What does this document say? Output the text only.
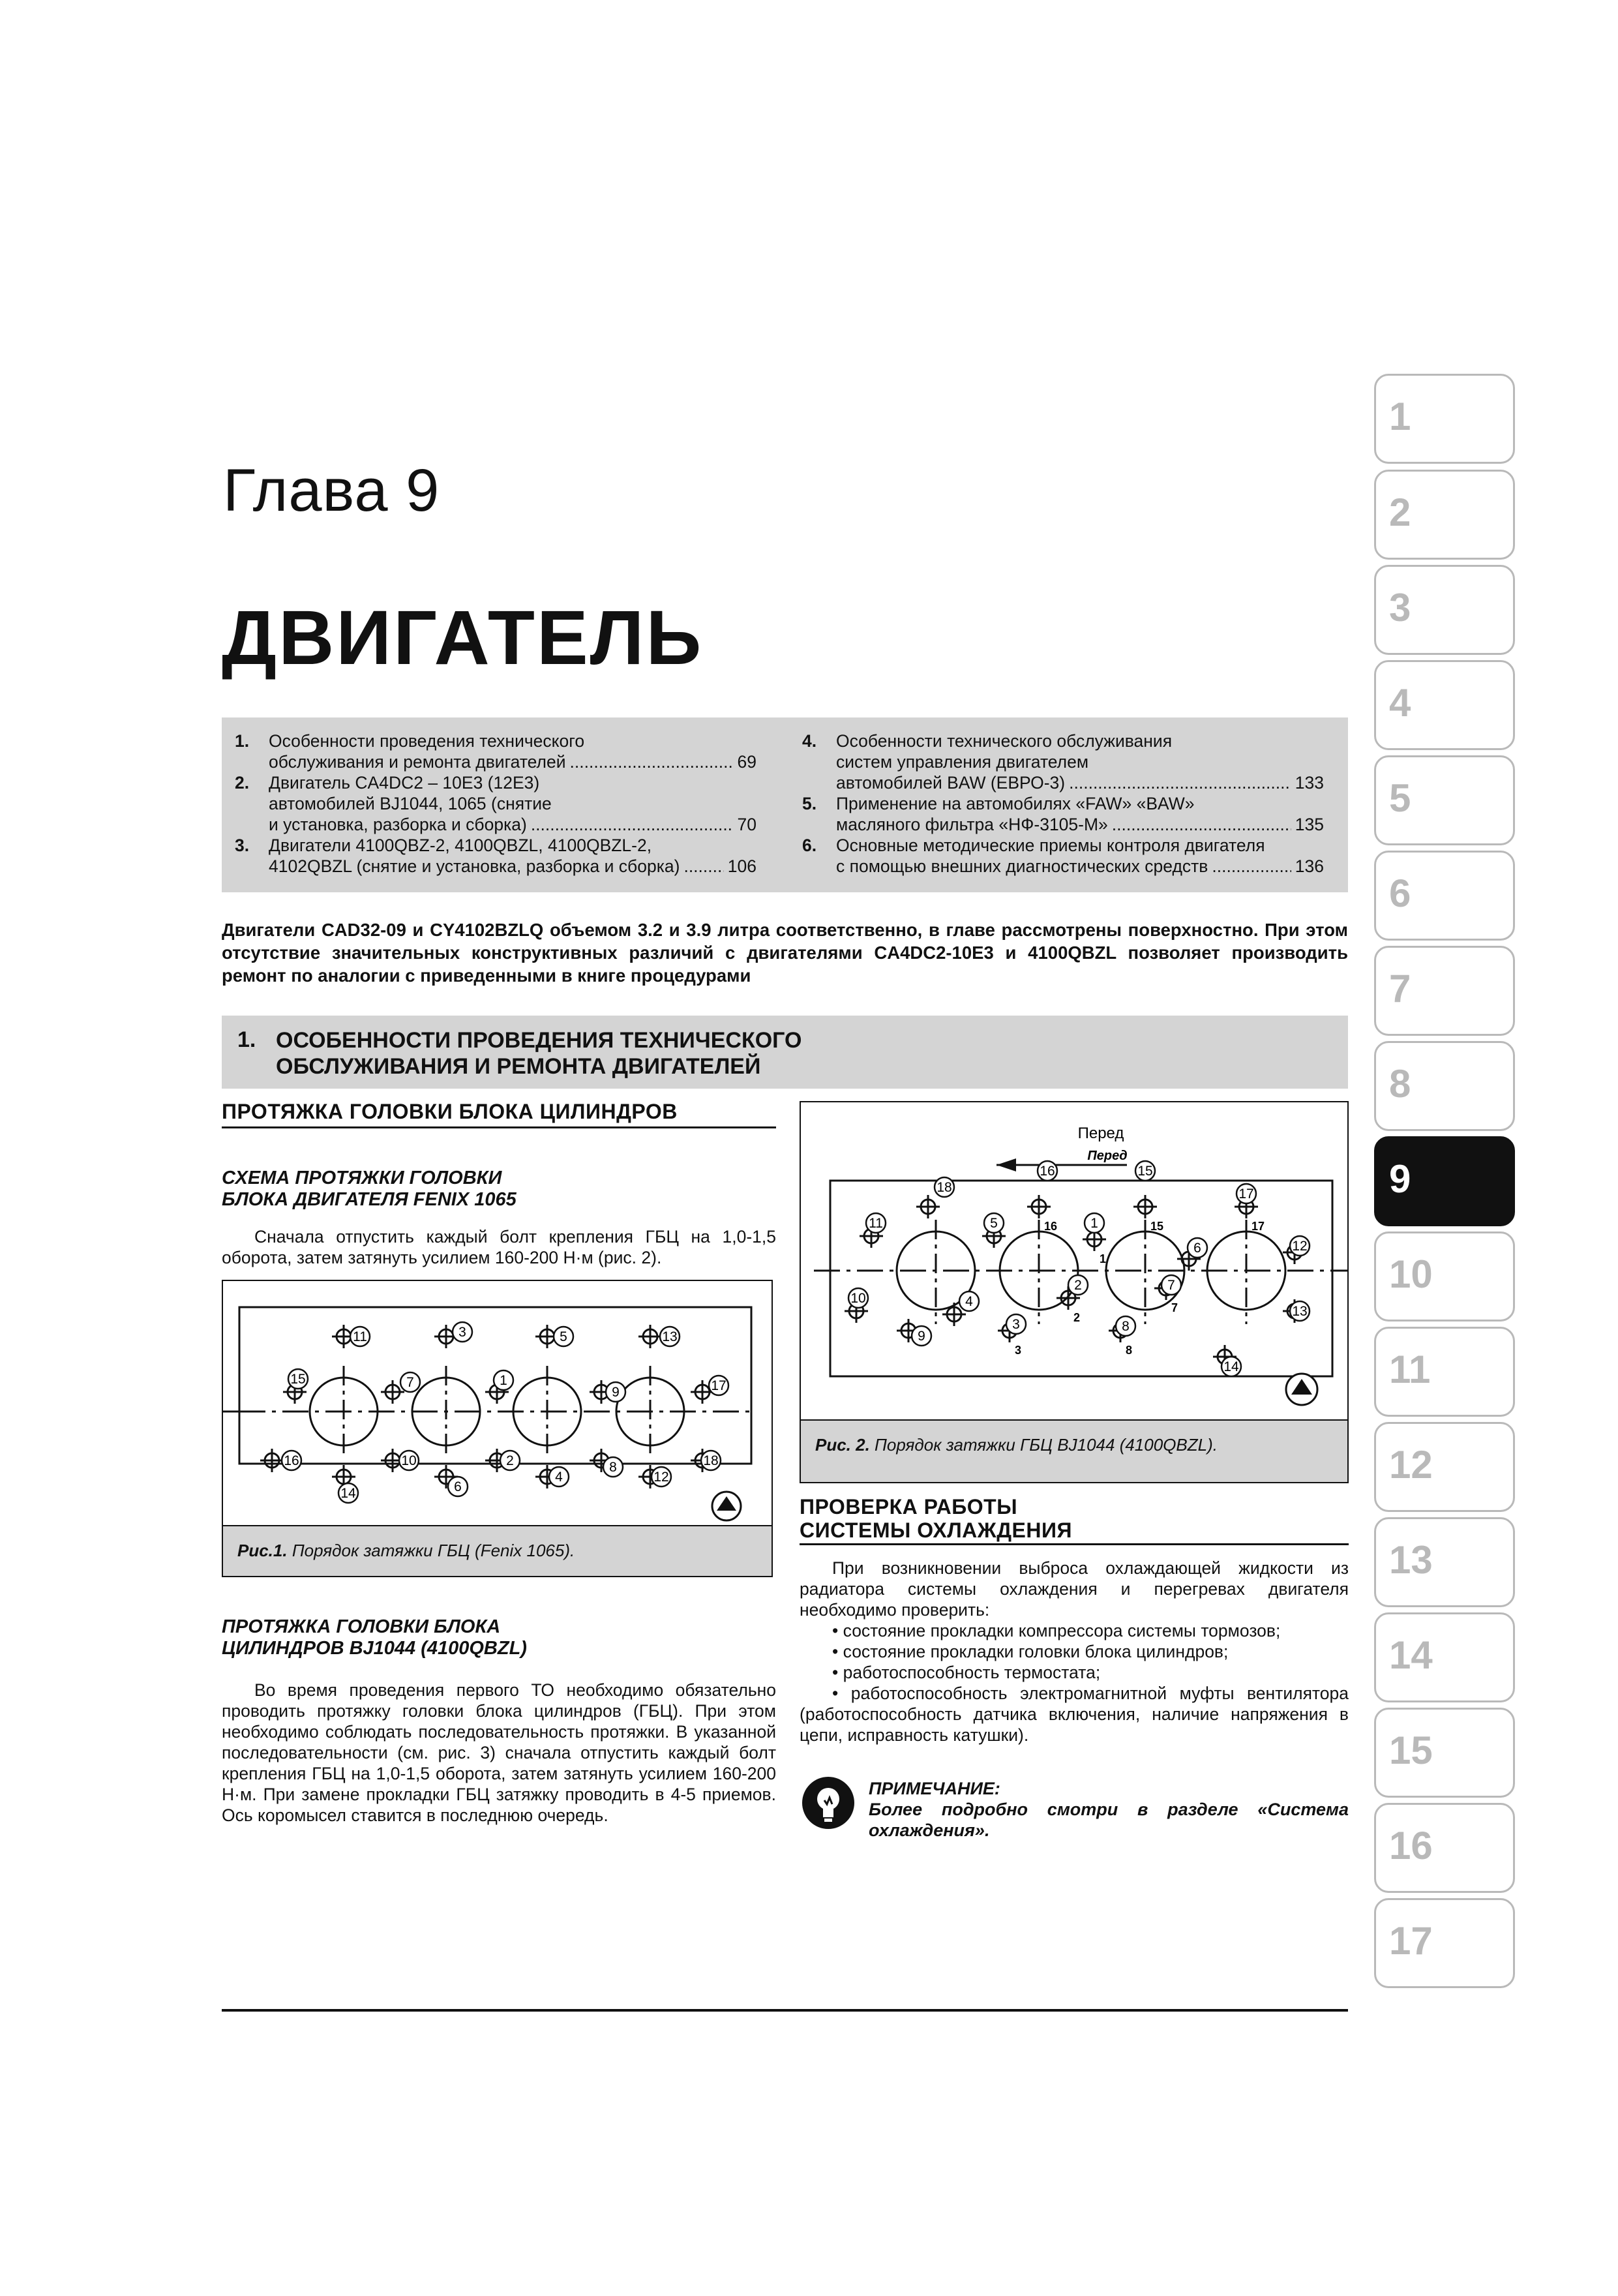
Глава 9
ДВИГАТЕЛЬ
1. Особенности проведения технического
обслуживания и ремонта двигателей .....	69
2. Двигатель CA4DC2 – 10E3 (12E3)
автомобилей BJ1044, 1065 (снятие
и установка, разборка и сборка) .....	70
3. Двигатели 4100QBZ-2, 4100QBZL, 4100QBZL-2,
4102QBZL (снятие и установка, разборка и сборка) .....	106
4. Особенности технического обслуживания
систем управления двигателем
автомобилей BAW (ЕВРО-3) .....	133
5. Применение на автомобилях «FAW» «BAW»
масляного фильтра «НФ-3105-М» .....	135
6. Основные методические приемы контроля двигателя
с помощью внешних диагностических средств .....	136
Двигатели CAD32-09 и CY4102BZLQ объемом 3.2 и 3.9 литра соответственно, в главе рассмотрены поверхностно. При этом отсутствие значительных конструктивных различий с двигателями CA4DC2-10E3 и 4100QBZL позволяет производить ремонт по аналогии с приведенными в книге процедурами
1. ОСОБЕННОСТИ ПРОВЕДЕНИЯ ТЕХНИЧЕСКОГО
ОБСЛУЖИВАНИЯ И РЕМОНТА ДВИГАТЕЛЕЙ
ПРОТЯЖКА ГОЛОВКИ БЛОКА ЦИЛИНДРОВ
СХЕМА ПРОТЯЖКИ ГОЛОВКИ
БЛОКА ДВИГАТЕЛЯ FENIX 1065
Сначала отпустить каждый болт крепления ГБЦ на 1,0-1,5 оборота, затем затянуть усилием 160-200 Н·м (рис. 2).
11	3	5	13
15	7	1
9	17
16
14
10
6
2
4
8
12
18
Рис.1. Порядок затяжки ГБЦ (Fenix 1065).
ПРОТЯЖКА ГОЛОВКИ БЛОКА
ЦИЛИНДРОВ BJ1044 (4100QBZL)
Во время проведения первого ТО необходимо обязательно проводить протяжку головки блока цилиндров (ГБЦ). При этом необходимо соблюдать последовательность протяжки. В указанной последовательности (см. рис. 3) сначала отпустить каждый болт крепления ГБЦ на 1,0-1,5 оборота, затем затянуть усилием 160-200 Н·м. При замене прокладки ГБЦ затяжку проводить в 4-5 приемов. Ось коромысел ставится в последнюю очередь.
Перед
Перeд
16
16
15
15
17
17
18
11	5	1
1
6	12
10	4
2
2
7
7	13
9
3
3
8
8
14
Рис. 2. Порядок затяжки ГБЦ BJ1044 (4100QBZL).
ПРОВЕРКА РАБОТЫ
СИСТЕМЫ ОХЛАЖДЕНИЯ
При возникновении выброса охлаждающей жидкости из радиатора системы охлаждения и перегревах двигателя необходимо проверить:
• состояние прокладки компрессора системы тормозов;
• состояние прокладки головки блока цилиндров;
• работоспособность термостата;
• работоспособность электромагнитной муфты вентилятора (работоспособность датчика включения, наличие напряжения в цепи, исправность катушки).
ПРИМЕЧАНИЕ:
Более подробно смотри в разделе «Система охлаждения».
1
2
3
4
5
6
7
8
9
10
11
12
13
14
15
16
17
